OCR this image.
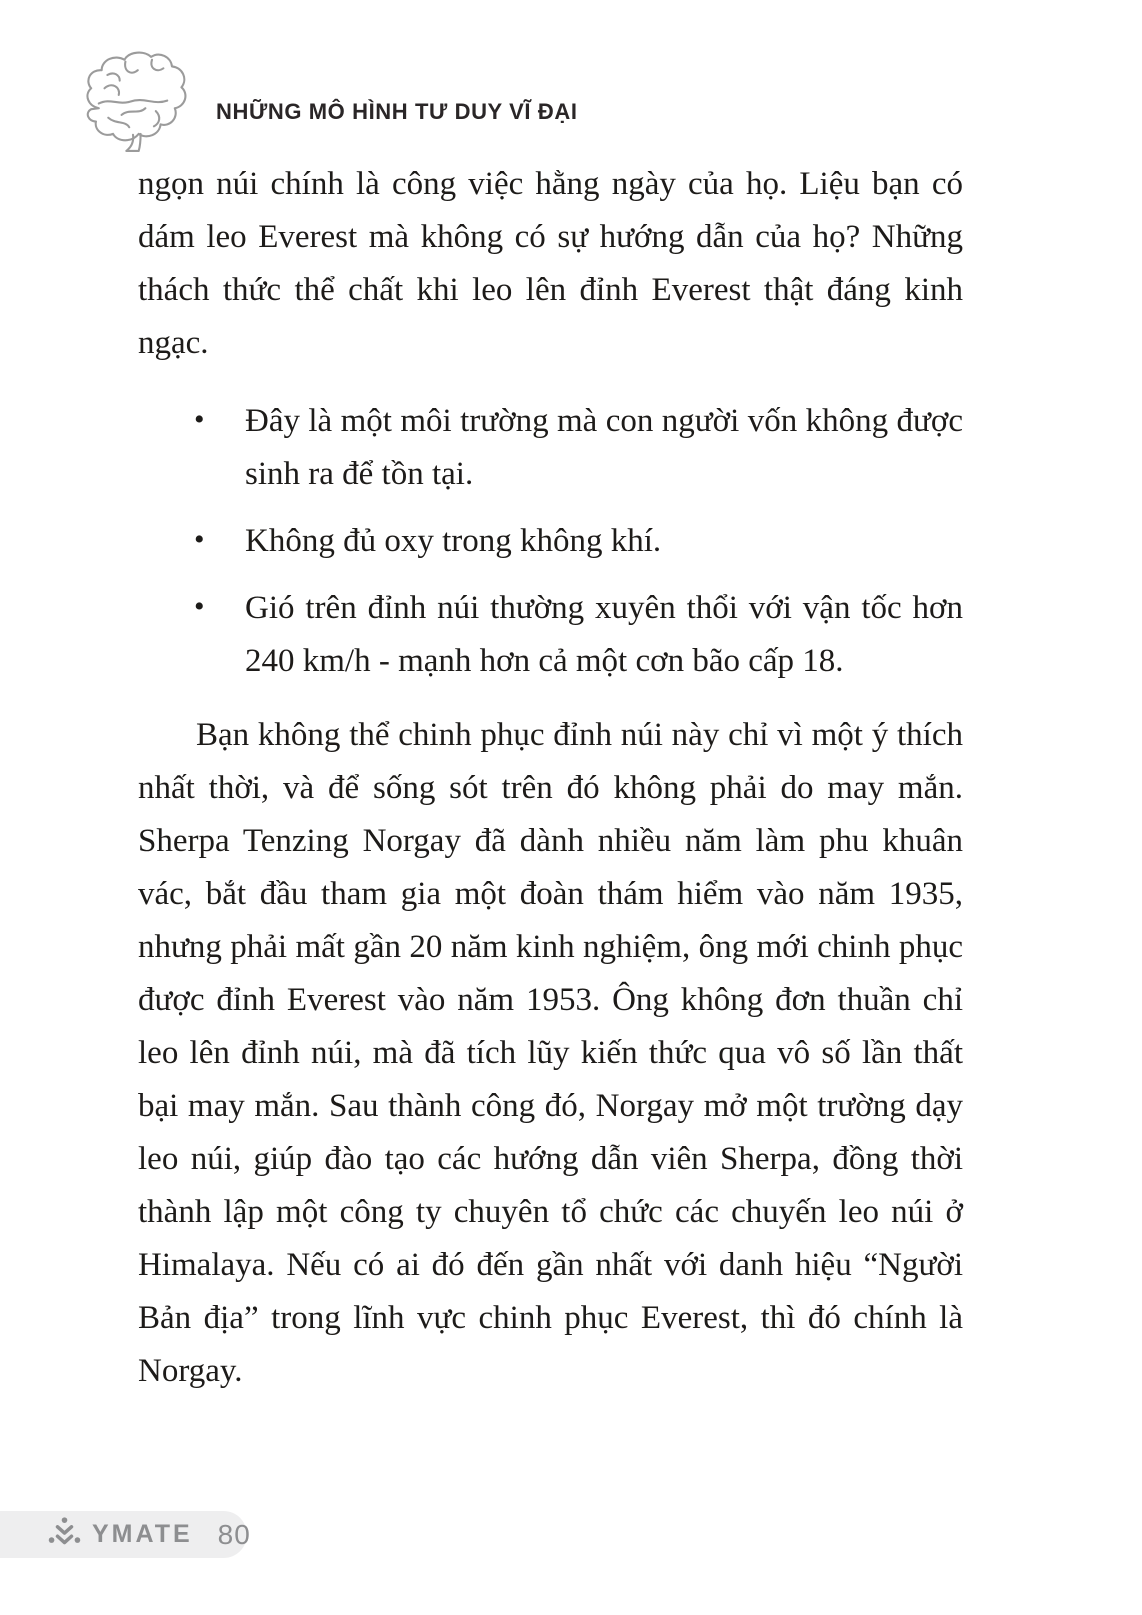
NHỮNG MÔ HÌNH TƯ DUY VĨ ĐẠI

ngọn núi chính là công việc hằng ngày của họ. Liệu bạn có dám leo Everest mà không có sự hướng dẫn của họ? Những thách thức thể chất khi leo lên đỉnh Everest thật đáng kinh ngạc.

• Đây là một môi trường mà con người vốn không được sinh ra để tồn tại.
• Không đủ oxy trong không khí.
• Gió trên đỉnh núi thường xuyên thổi với vận tốc hơn 240 km/h - mạnh hơn cả một cơn bão cấp 18.

Bạn không thể chinh phục đỉnh núi này chỉ vì một ý thích nhất thời, và để sống sót trên đó không phải do may mắn. Sherpa Tenzing Norgay đã dành nhiều năm làm phu khuân vác, bắt đầu tham gia một đoàn thám hiểm vào năm 1935, nhưng phải mất gần 20 năm kinh nghiệm, ông mới chinh phục được đỉnh Everest vào năm 1953. Ông không đơn thuần chỉ leo lên đỉnh núi, mà đã tích lũy kiến thức qua vô số lần thất bại may mắn. Sau thành công đó, Norgay mở một trường dạy leo núi, giúp đào tạo các hướng dẫn viên Sherpa, đồng thời thành lập một công ty chuyên tổ chức các chuyến leo núi ở Himalaya. Nếu có ai đó đến gần nhất với danh hiệu “Người Bản địa” trong lĩnh vực chinh phục Everest, thì đó chính là Norgay.

YMATE 80
